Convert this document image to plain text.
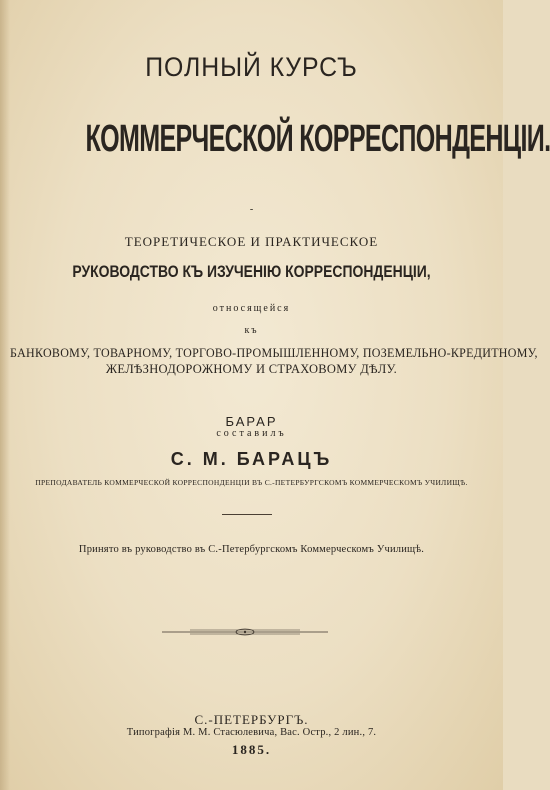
ПОЛНЫЙ КУРСЪ
КОММЕРЧЕСКОЙ КОРРЕСПОНДЕНЦІИ.
-
ТЕОРЕТИЧЕСКОЕ И ПРАКТИЧЕСКОЕ
РУКОВОДСТВО КЪ ИЗУЧЕНІЮ КОРРЕСПОНДЕНЦІИ,
относящейся
къ
БАНКОВОМУ, ТОВАРНОМУ, ТОРГОВО-ПРОМЫШЛЕННОМУ, ПОЗЕМЕЛЬНО-КРЕДИТНОМУ,
ЖЕЛѢЗНОДОРОЖНОМУ И СТРАХОВОМУ ДѢЛУ.
БАРАР
составилъ
С. М. БАРАЦЪ
ПРЕПОДАВАТЕЛЬ КОММЕРЧЕСКОЙ КОРРЕСПОНДЕНЦІИ ВЪ С.-ПЕТЕРБУРГСКОМЪ КОММЕРЧЕСКОМЪ УЧИЛИЩѢ.
Принято въ руководство въ С.-Петербургскомъ Коммерческомъ Училищѣ.
С.-ПЕТЕРБУРГЪ.
Типографія М. М. Стасюлевича, Вас. Остр., 2 лин., 7.
1885.
